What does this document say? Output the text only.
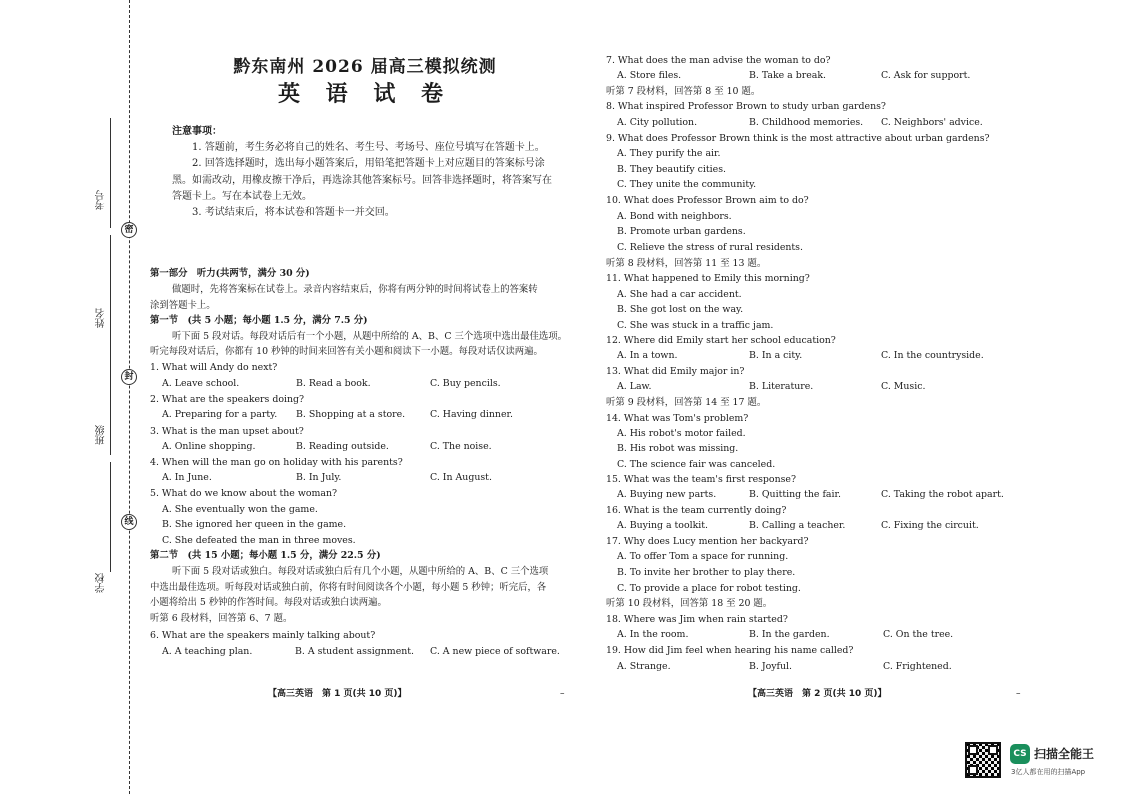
密
封
线
考号
姓名
班级
学校
黔东南州 2026 届高三模拟统测
英 语 试 卷
注意事项：

1. 答题前，考生务必将自己的姓名、考生号、考场号、座位号填写在答题卡上。

2. 回答选择题时，选出每小题答案后，用铅笔把答题卡上对应题目的答案标号涂

黑。如需改动，用橡皮擦干净后，再选涂其他答案标号。回答非选择题时，将答案写在

答题卡上。写在本试卷上无效。

3. 考试结束后，将本试卷和答题卡一并交回。

第一部分　听力(共两节，满分 30 分)
做题时，先将答案标在试卷上。录音内容结束后，你将有两分钟的时间将试卷上的答案转
涂到答题卡上。
第一节　(共 5 小题；每小题 1.5 分，满分 7.5 分)
听下面 5 段对话。每段对话后有一个小题，从题中所给的 A、B、C 三个选项中选出最佳选项。
听完每段对话后，你都有 10 秒钟的时间来回答有关小题和阅读下一小题。每段对话仅读两遍。
1. What will Andy do next?
A. Leave school.	B. Read a book.	C. Buy pencils.
2. What are the speakers doing?
A. Preparing for a party. B. Shopping at a store.	C. Having dinner.
3. What is the man upset about?
A. Online shopping.	B. Reading outside.	C. The noise.
4. When will the man go on holiday with his parents?
A. In June.	B. In July.	C. In August.
5. What do we know about the woman?
A. She eventually won the game.
B. She ignored her queen in the game.
C. She defeated the man in three moves.
第二节　(共 15 小题；每小题 1.5 分，满分 22.5 分)
听下面 5 段对话或独白。每段对话或独白后有几个小题，从题中所给的 A、B、C 三个选项
中选出最佳选项。听每段对话或独白前，你将有时间阅读各个小题，每小题 5 秒钟；听完后，各
小题将给出 5 秒钟的作答时间。每段对话或独白读两遍。
听第 6 段材料，回答第 6、7 题。
6. What are the speakers mainly talking about?
A. A teaching plan.	B. A student assignment. C. A new piece of software.
【高三英语　第 1 页(共 10 页)】	–
7. What does the man advise the woman to do?
A. Store files.	B. Take a break.	C. Ask for support.
听第 7 段材料，回答第 8 至 10 题。
8. What inspired Professor Brown to study urban gardens?
A. City pollution.	B. Childhood memories. C. Neighbors' advice.
9. What does Professor Brown think is the most attractive about urban gardens?
A. They purify the air.
B. They beautify cities.
C. They unite the community.
10. What does Professor Brown aim to do?
A. Bond with neighbors.
B. Promote urban gardens.
C. Relieve the stress of rural residents.
听第 8 段材料，回答第 11 至 13 题。
11. What happened to Emily this morning?
A. She had a car accident.
B. She got lost on the way.
C. She was stuck in a traffic jam.
12. Where did Emily start her school education?
A. In a town.	B. In a city.	C. In the countryside.
13. What did Emily major in?
A. Law.	B. Literature.	C. Music.
听第 9 段材料，回答第 14 至 17 题。
14. What was Tom's problem?
A. His robot's motor failed.
B. His robot was missing.
C. The science fair was canceled.
15. What was the team's first response?
A. Buying new parts.	B. Quitting the fair.	C. Taking the robot apart.
16. What is the team currently doing?
A. Buying a toolkit.	B. Calling a teacher.	C. Fixing the circuit.
17. Why does Lucy mention her backyard?
A. To offer Tom a space for running.
B. To invite her brother to play there.
C. To provide a place for robot testing.
听第 10 段材料，回答第 18 至 20 题。
18. Where was Jim when rain started?
A. In the room.	B. In the garden.	C. On the tree.
19. How did Jim feel when hearing his name called?
A. Strange.	B. Joyful.	C. Frightened.
【高三英语　第 2 页(共 10 页)】	–
CS 扫描全能王
3亿人都在用的扫描App
